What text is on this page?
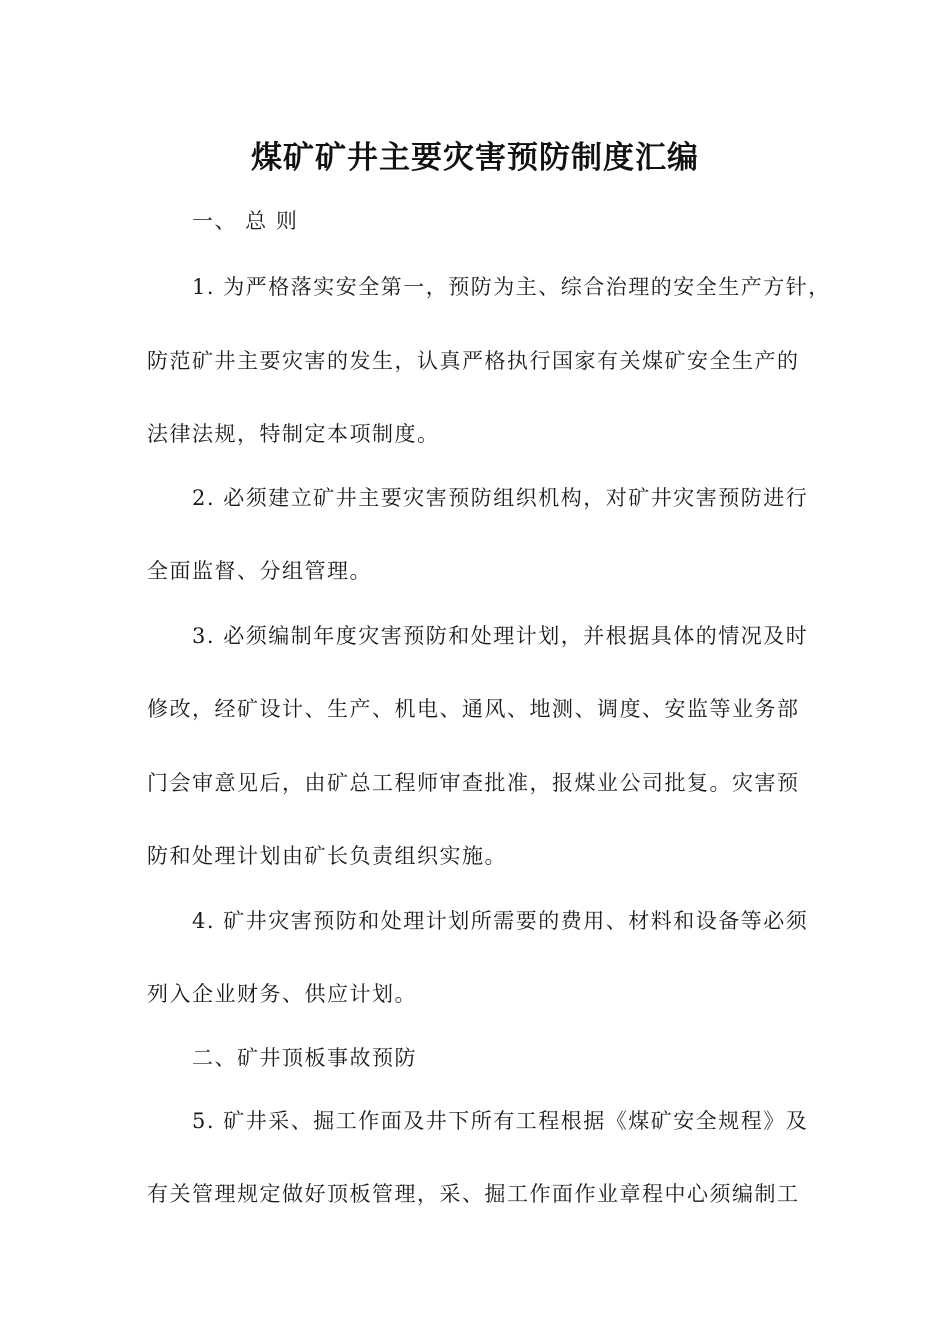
煤矿矿井主要灾害预防制度汇编
一、 总 则
1. 为严格落实安全第一，预防为主、综合治理的安全生产方针，
防范矿井主要灾害的发生，认真严格执行国家有关煤矿安全生产的
法律法规，特制定本项制度。
2. 必须建立矿井主要灾害预防组织机构，对矿井灾害预防进行
全面监督、分组管理。
3. 必须编制年度灾害预防和处理计划，并根据具体的情况及时
修改，经矿设计、生产、机电、通风、地测、调度、安监等业务部
门会审意见后，由矿总工程师审查批准，报煤业公司批复。灾害预
防和处理计划由矿长负责组织实施。
4. 矿井灾害预防和处理计划所需要的费用、材料和设备等必须
列入企业财务、供应计划。
二、矿井顶板事故预防
5. 矿井采、掘工作面及井下所有工程根据《煤矿安全规程》及
有关管理规定做好顶板管理，采、掘工作面作业章程中心须编制工
